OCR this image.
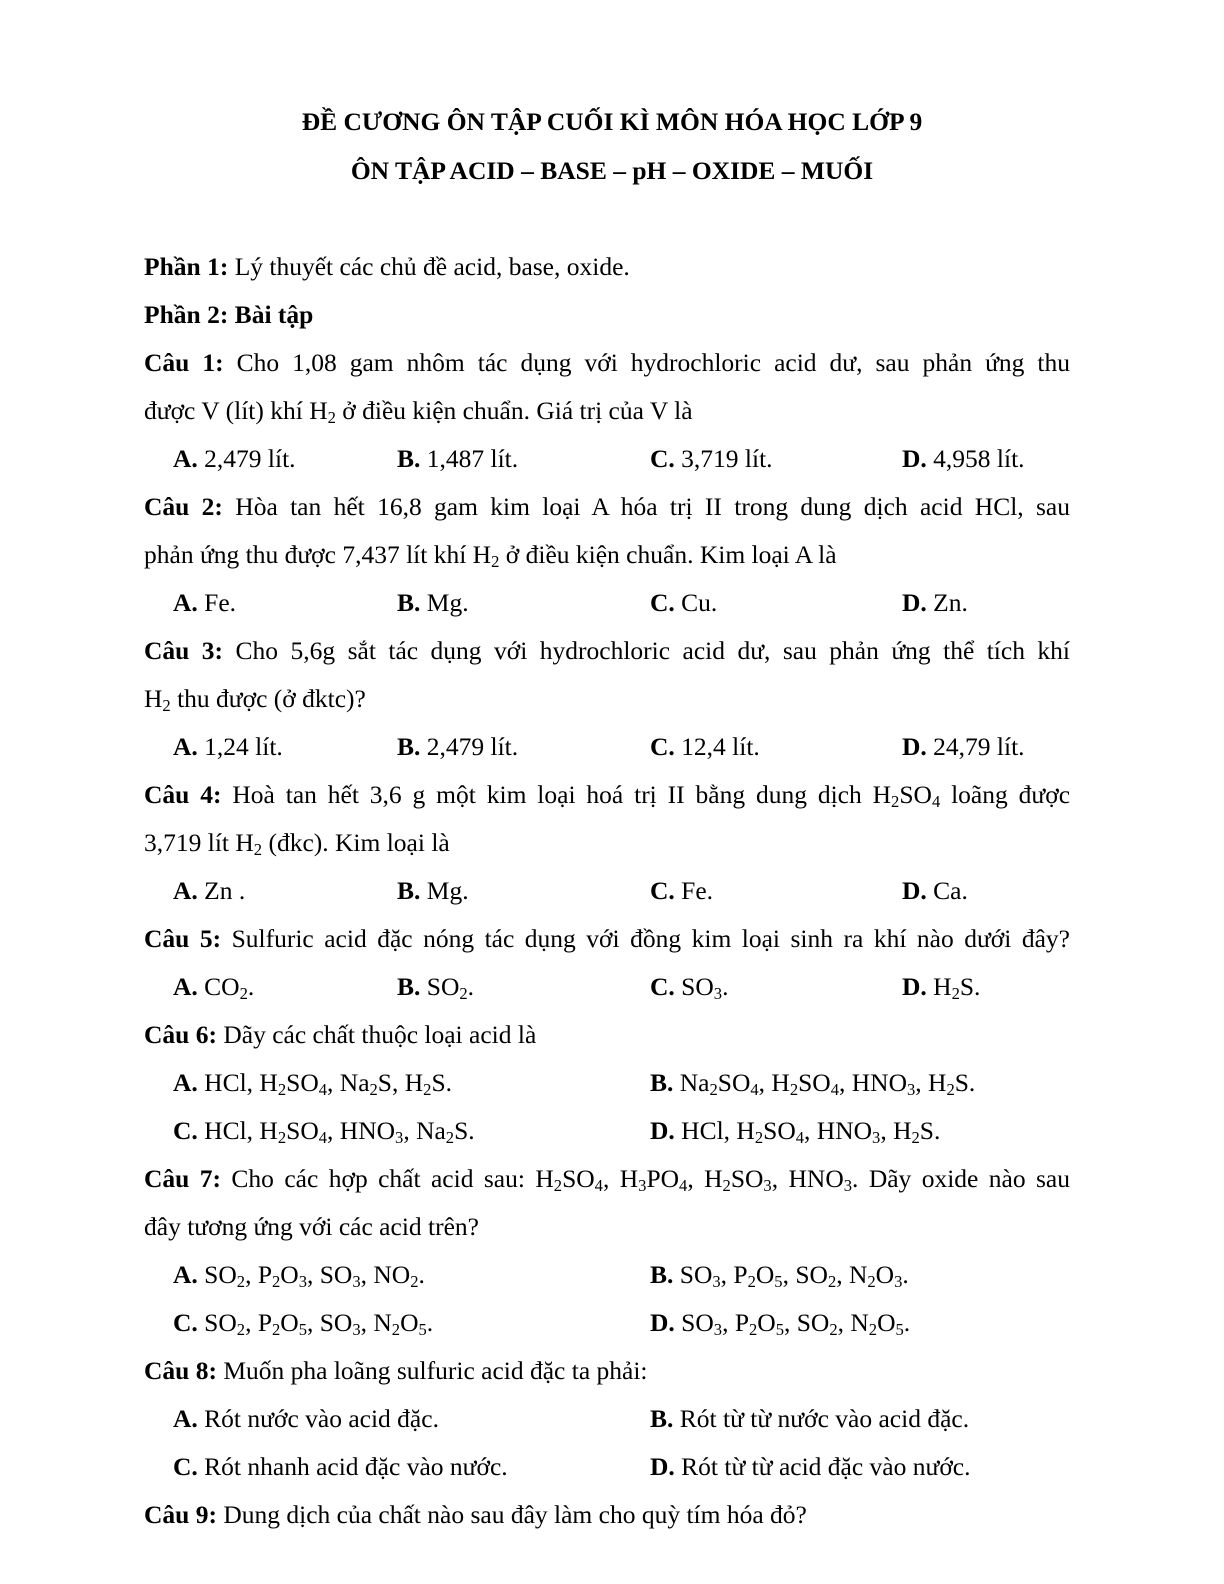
ĐỀ CƯƠNG ÔN TẬP CUỐI KÌ MÔN HÓA HỌC LỚP 9
ÔN TẬP ACID – BASE – pH – OXIDE – MUỐI
Phần 1: Lý thuyết các chủ đề acid, base, oxide.
Phần 2: Bài tập
Câu 1: Cho 1,08 gam nhôm tác dụng với hydrochloric acid dư, sau phản ứng thu
được V (lít) khí $H_2$ ở điều kiện chuẩn. Giá trị của V là
A. 2,479 lít.	B. 1,487 lít.	C. 3,719 lít.	D. 4,958 lít.
Câu 2: Hòa tan hết 16,8 gam kim loại A hóa trị II trong dung dịch acid HCl, sau
phản ứng thu được 7,437 lít khí $H_2$ ở điều kiện chuẩn. Kim loại A là
A. Fe.	B. Mg.	C. Cu.	D. Zn.
Câu 3: Cho 5,6g sắt tác dụng với hydrochloric acid dư, sau phản ứng thể tích khí
$H_2$ thu được (ở đktc)?
A. 1,24 lít.	B. 2,479 lít.	C. 12,4 lít.	D. 24,79 lít.
Câu 4: Hoà tan hết 3,6 g một kim loại hoá trị II bằng dung dịch $H_2SO_4$ loãng được
3,719 lít $H_2$ (đkc). Kim loại là
A. Zn .	B. Mg.	C. Fe.	D. Ca.
Câu 5: Sulfuric acid đặc nóng tác dụng với đồng kim loại sinh ra khí nào dưới đây?
A. $CO_2$.	B. $SO_2$.	C. $SO_3$.	D. $H_2S$.
Câu 6: Dãy các chất thuộc loại acid là
A. HCl, $H_2SO_4$, $Na_2S$, $H_2S$.	B. $Na_2SO_4$, $H_2SO_4$, $HNO_3$, $H_2S$.
C. HCl, $H_2SO_4$, $HNO_3$, $Na_2S$.	D. HCl, $H_2SO_4$, $HNO_3$, $H_2S$.
Câu 7: Cho các hợp chất acid sau: $H_2SO_4$, $H_3PO_4$, $H_2SO_3$, $HNO_3$. Dãy oxide nào sau
đây tương ứng với các acid trên?
A. $SO_2$, $P_2O_3$, $SO_3$, $NO_2$.	B. $SO_3$, $P_2O_5$, $SO_2$, $N_2O_3$.
C. $SO_2$, $P_2O_5$, $SO_3$, $N_2O_5$.	D. $SO_3$, $P_2O_5$, $SO_2$, $N_2O_5$.
Câu 8: Muốn pha loãng sulfuric acid đặc ta phải:
A. Rót nước vào acid đặc.	B. Rót từ từ nước vào acid đặc.
C. Rót nhanh acid đặc vào nước.	D. Rót từ từ acid đặc vào nước.
Câu 9: Dung dịch của chất nào sau đây làm cho quỳ tím hóa đỏ?
